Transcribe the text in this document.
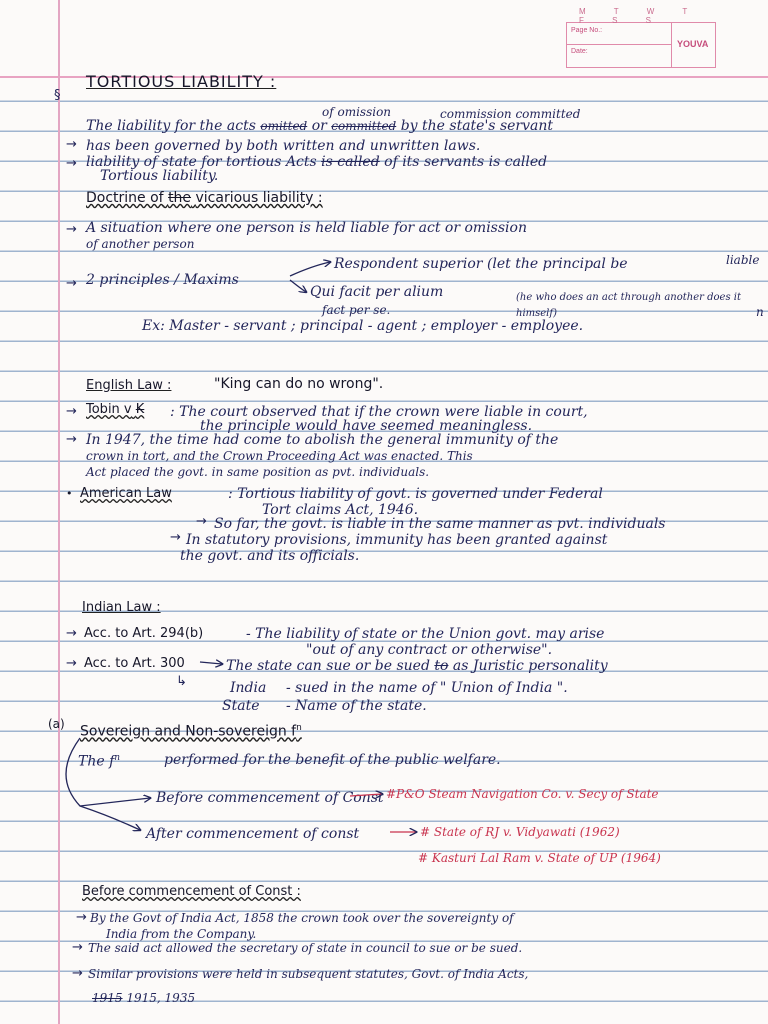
M T W T F S S
Page No.:
Date:
YOUVA
§
TORTIOUS LIABILITY :
of omission	commission committed
The liability for the acts omitted or committed by the state's servant
→ has been governed by both written and unwritten laws.
→ liability of state for tortious Acts is called of its servants is called
Tortious liability.
Doctrine of the vicarious liability :
→ A situation where one person is held liable for act or omission
of another person
→ 2 principles / Maxims
Respondent superior (let the principal be	liable
Qui facit per alium	(he who does an act through another does it himself)	n
fact per se.
Ex: Master - servant ; principal - agent ; employer - employee.
English Law :	"King can do no wrong".
→ Tobin v K : The court observed that if the crown were liable in court,
the principle would have seemed meaningless.
→ In 1947, the time had come to abolish the general immunity of the
crown in tort, and the Crown Proceeding Act was enacted. This
Act placed the govt. in same position as pvt. individuals.
• American Law	: Tortious liability of govt. is governed under Federal
Tort claims Act, 1946.
→ So far, the govt. is liable in the same manner as pvt. individuals
→ In statutory provisions, immunity has been granted against
the govt. and its officials.
Indian Law :
→ Acc. to Art. 294(b)	- The liability of state or the Union govt. may arise
"out of any contract or otherwise".
→ Acc. to Art. 300	The state can sue or be sued to as Juristic personality
↳	India - sued in the name of " Union of India ".
State - Name of the state.
(a) Sovereign and Non-sovereign $f^n$
The $f^n$	performed for the benefit of the public welfare.
Before commencement of Const #P&O Steam Navigation Co. v. Secy of State
After commencement of const	# State of RJ v. Vidyawati (1962)
# Kasturi Lal Ram v. State of UP (1964)
Before commencement of Const :
→ By the Govt of India Act, 1858 the crown took over the sovereignty of
India from the Company.
→ The said act allowed the secretary of state in council to sue or be sued.
→ Similar provisions were held in subsequent statutes, Govt. of India Acts,
1915 1915, 1935
